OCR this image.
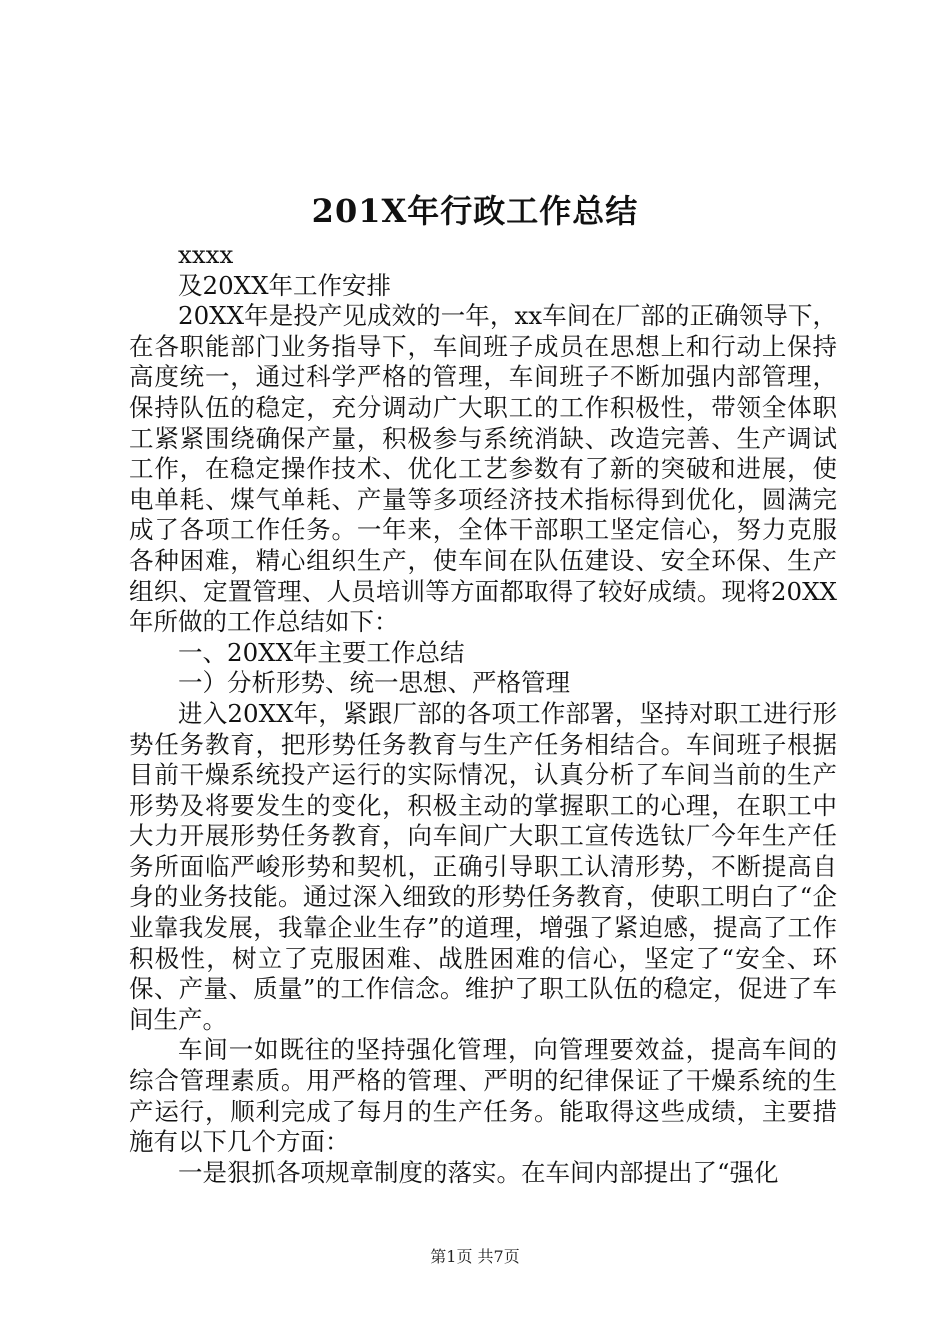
201X年行政工作总结

xxxx

及20XX年工作安排

20XX年是投产见成效的一年，xx车间在厂部的正确领导下，在各职能部门业务指导下，车间班子成员在思想上和行动上保持高度统一，通过科学严格的管理，车间班子不断加强内部管理，保持队伍的稳定，充分调动广大职工的工作积极性，带领全体职工紧紧围绕确保产量，积极参与系统消缺、改造完善、生产调试工作，在稳定操作技术、优化工艺参数有了新的突破和进展，使电单耗、煤气单耗、产量等多项经济技术指标得到优化，圆满完成了各项工作任务。一年来，全体干部职工坚定信心，努力克服各种困难，精心组织生产，使车间在队伍建设、安全环保、生产组织、定置管理、人员培训等方面都取得了较好成绩。现将20XX年所做的工作总结如下：

一、20XX年主要工作总结

一）分析形势、统一思想、严格管理

进入20XX年，紧跟厂部的各项工作部署，坚持对职工进行形势任务教育，把形势任务教育与生产任务相结合。车间班子根据目前干燥系统投产运行的实际情况，认真分析了车间当前的生产形势及将要发生的变化，积极主动的掌握职工的心理，在职工中大力开展形势任务教育，向车间广大职工宣传选钛厂今年生产任务所面临严峻形势和契机，正确引导职工认清形势，不断提高自身的业务技能。通过深入细致的形势任务教育，使职工明白了“企业靠我发展，我靠企业生存”的道理，增强了紧迫感，提高了工作积极性，树立了克服困难、战胜困难的信心，坚定了“安全、环保、产量、质量”的工作信念。维护了职工队伍的稳定，促进了车间生产。

车间一如既往的坚持强化管理，向管理要效益，提高车间的综合管理素质。用严格的管理、严明的纪律保证了干燥系统的生产运行，顺利完成了每月的生产任务。能取得这些成绩，主要措施有以下几个方面：

一是狠抓各项规章制度的落实。在车间内部提出了“强化

第1页 共7页
